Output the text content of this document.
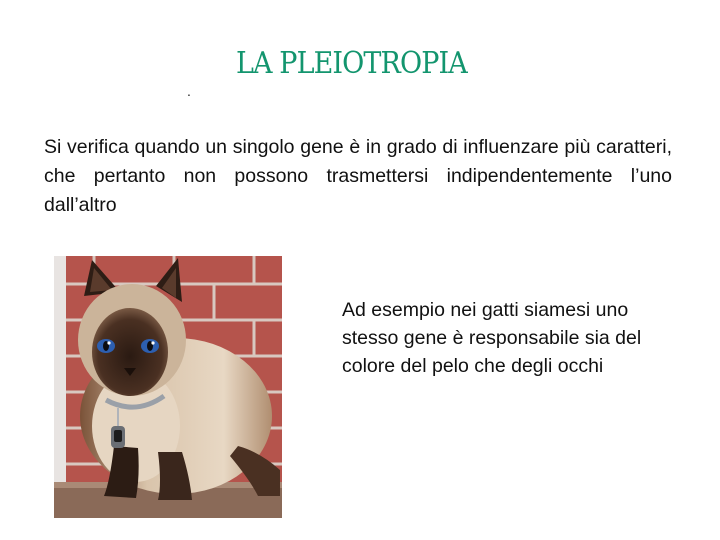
LA PLEIOTROPIA
.

Si verifica quando un singolo gene è in grado di influenzare più caratteri, che pertanto non possono trasmettersi indipendentemente l’uno dall’altro

Ad esempio nei gatti siamesi uno stesso gene è responsabile sia del colore del pelo che degli occhi
